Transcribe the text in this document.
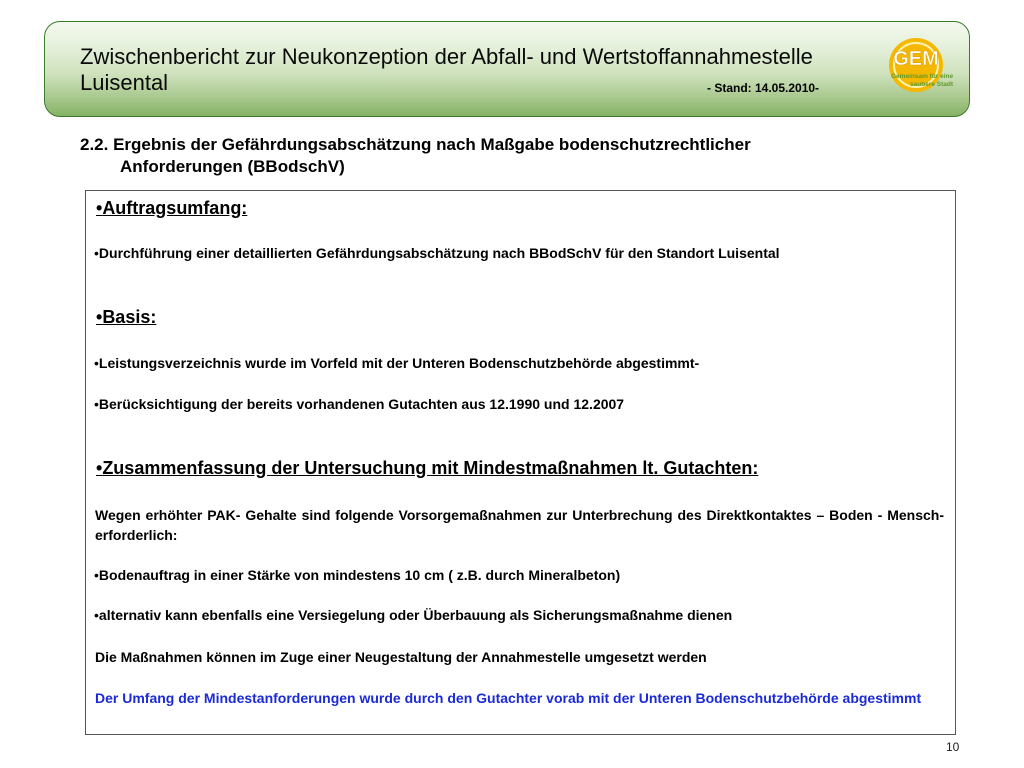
Zwischenbericht zur Neukonzeption der Abfall- und Wertstoffannahmestelle
Luisental	- Stand: 14.05.2010-
GEM
Gemeinsam für eine
saubere Stadt
2.2. Ergebnis der Gefährdungsabschätzung nach Maßgabe bodenschutzrechtlicher
Anforderungen (BBodschV)
•Auftragsumfang:
•Durchführung einer detaillierten Gefährdungsabschätzung nach BBodSchV für den Standort Luisental
•Basis:
•Leistungsverzeichnis wurde im Vorfeld mit der Unteren Bodenschutzbehörde abgestimmt-
•Berücksichtigung der bereits vorhandenen Gutachten aus 12.1990 und 12.2007
•Zusammenfassung der Untersuchung mit Mindestmaßnahmen lt. Gutachten:
Wegen erhöhter PAK- Gehalte sind folgende Vorsorgemaßnahmen zur Unterbrechung des Direktkontaktes – Boden - Mensch- erforderlich:
•Bodenauftrag in einer Stärke von mindestens 10 cm ( z.B. durch Mineralbeton)
•alternativ kann ebenfalls eine Versiegelung oder Überbauung als Sicherungsmaßnahme dienen
Die Maßnahmen können im Zuge einer Neugestaltung der Annahmestelle umgesetzt werden
Der Umfang der Mindestanforderungen wurde durch den Gutachter vorab mit der Unteren Bodenschutzbehörde abgestimmt
10
